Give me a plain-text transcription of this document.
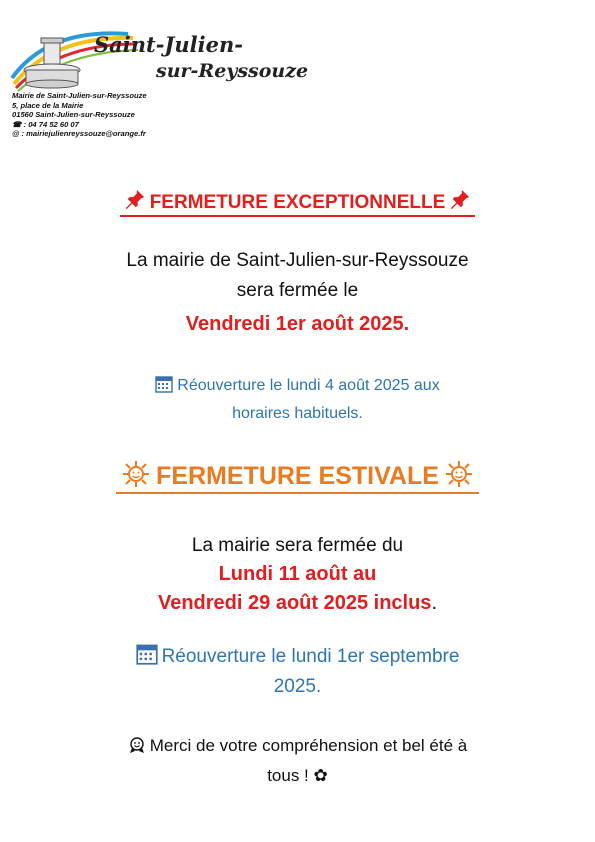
Saint-Julien-
sur-Reyssouze
Mairie de Saint-Julien-sur-Reyssouze
5, place de la Mairie
01560 Saint-Julien-sur-Reyssouze
☎ : 04 74 52 60 07
@ : mairiejulienreyssouze@orange.fr
FERMETURE EXCEPTIONNELLE
La mairie de Saint-Julien-sur-Reyssouze
sera fermée le
Vendredi 1er août 2025.
Réouverture le lundi 4 août 2025 aux
horaires habituels.
FERMETURE ESTIVALE
La mairie sera fermée du
Lundi 11 août au
Vendredi 29 août 2025 inclus.
Réouverture le lundi 1er septembre
2025.
Merci de votre compréhension et bel été à
tous ! ✿
